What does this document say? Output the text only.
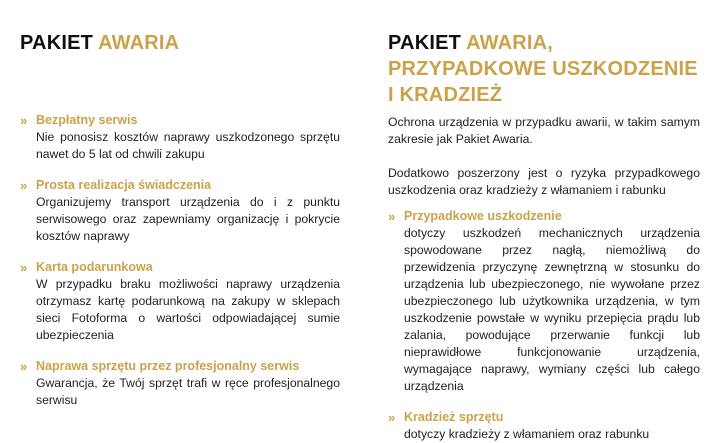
PAKIET AWARIA
» Bezpłatny serwis
Nie ponosisz kosztów naprawy uszkodzonego sprzętu nawet do 5 lat od chwili zakupu
» Prosta realizacja świadczenia
Organizujemy transport urządzenia do i z punktu serwisowego oraz zapewniamy organizację i pokrycie kosztów naprawy
» Karta podarunkowa
W przypadku braku możliwości naprawy urządzenia otrzymasz kartę podarunkową na zakupy w sklepach sieci Fotoforma o wartości odpowiadającej sumie ubezpieczenia
» Naprawa sprzętu przez profesjonalny serwis
Gwarancja, że Twój sprzęt trafi w ręce profesjonalnego serwisu
PAKIET AWARIA, PRZYPADKOWE USZKODZENIE I KRADZIEŻ

Ochrona urządzenia w przypadku awarii, w takim samym zakresie jak Pakiet Awaria.

Dodatkowo poszerzony jest o ryzyka przypadkowego uszkodzenia oraz kradzieży z włamaniem i rabunku

» Przypadkowe uszkodzenie
dotyczy uszkodzeń mechanicznych urządzenia spowodowane przez nagłą, niemożliwą do przewidzenia przyczynę zewnętrzną w stosunku do urządzenia lub ubezpieczonego, nie wywołane przez ubezpieczonego lub użytkownika urządzenia, w tym uszkodzenie powstałe w wyniku przepięcia prądu lub zalania, powodujące przerwanie funkcji lub nieprawidłowe funkcjonowanie urządzenia, wymagające naprawy, wymiany części lub całego urządzenia
» Kradzież sprzętu
dotyczy kradzieży z włamaniem oraz rabunku
